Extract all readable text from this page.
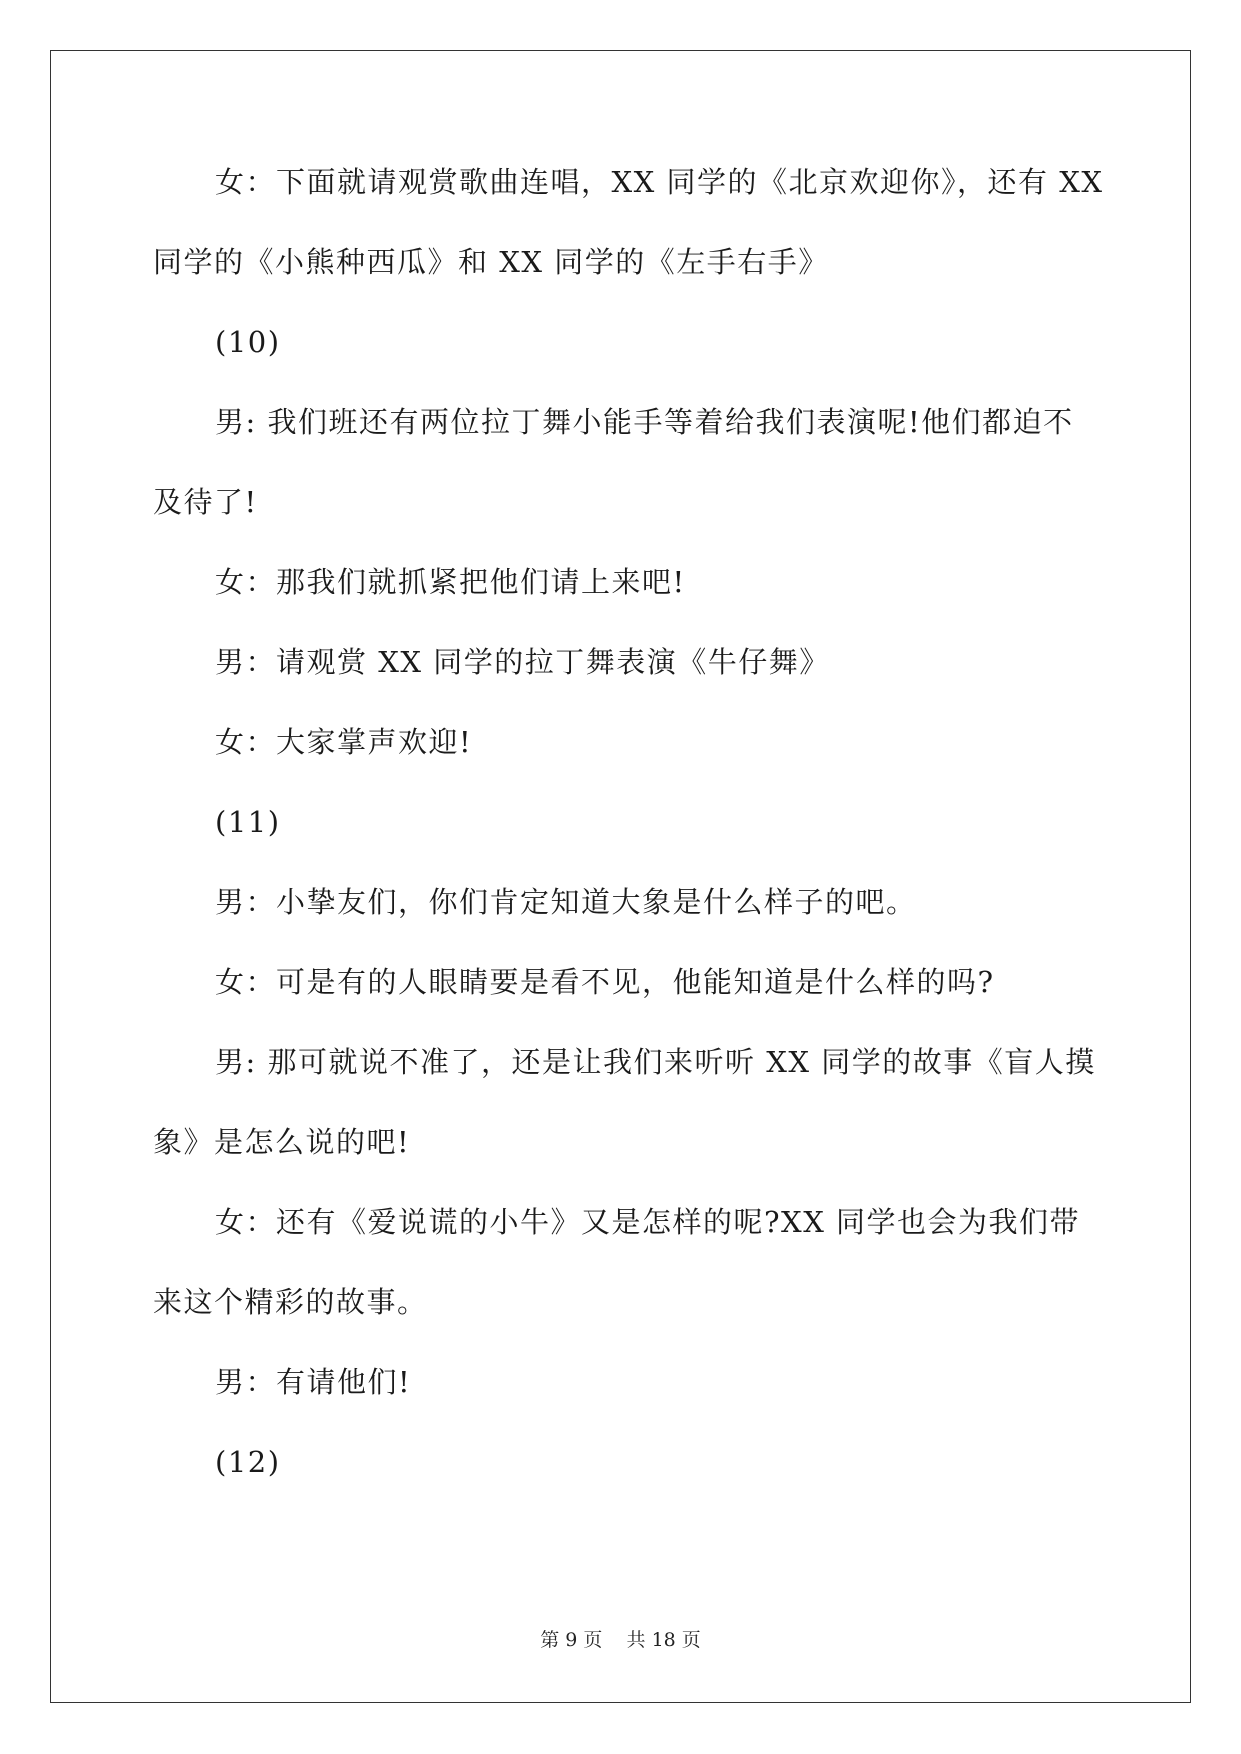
女：下面就请观赏歌曲连唱，XX 同学的《北京欢迎你》，还有 XX
同学的《小熊种西瓜》和 XX 同学的《左手右手》
(10)
男: 我们班还有两位拉丁舞小能手等着给我们表演呢!他们都迫不
及待了!
女：那我们就抓紧把他们请上来吧!
男：请观赏 XX 同学的拉丁舞表演《牛仔舞》
女：大家掌声欢迎!
(11)
男：小挚友们，你们肯定知道大象是什么样子的吧。
女：可是有的人眼睛要是看不见，他能知道是什么样的吗?
男: 那可就说不准了，还是让我们来听听 XX 同学的故事《盲人摸
象》是怎么说的吧!
女：还有《爱说谎的小牛》又是怎样的呢?XX 同学也会为我们带
来这个精彩的故事。
男：有请他们!
(12)
第 9 页 共 18 页
